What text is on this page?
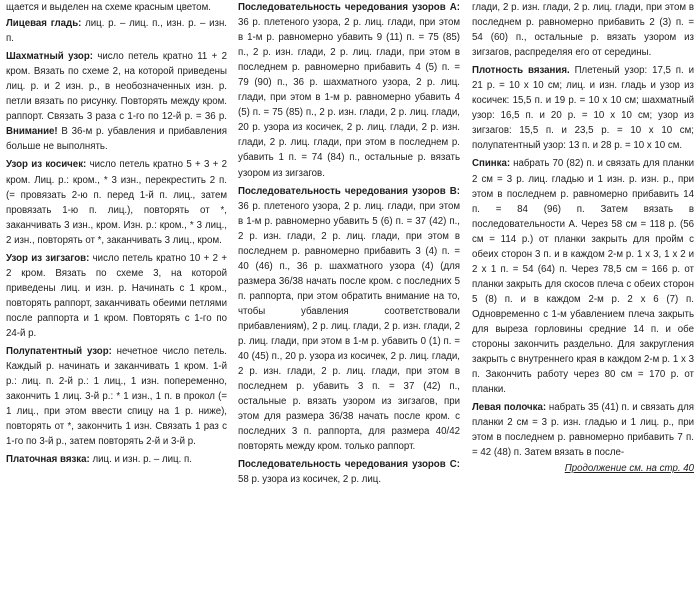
щается и выделен на схеме красным цветом.

Лицевая гладь: лиц. р. – лиц. п., изн. р. – изн. п.

Шахматный узор: число петель кратно 11 + 2 кром. Вязать по схеме 2, на которой приведены лиц. р. и 2 изн. р., в необозначенных изн. р. петли вязать по рисунку. Повторять между кром. раппорт. Связать 3 раза с 1-го по 12-й р. = 36 р. Внимание! В 36-м р. убавления и прибавления больше не выполнять.

Узор из косичек: число петель кратно 5 + 3 + 2 кром. Лиц. р.: кром., * 3 изн., перекрестить 2 п. (= провязать 2-ю п. перед 1-й п. лиц., затем провязать 1-ю п. лиц.), повторять от *, заканчивать 3 изн., кром. Изн. р.: кром., * 3 лиц., 2 изн., повторять от *, заканчивать 3 лиц., кром.

Узор из зигзагов: число петель кратно 10 + 2 + 2 кром. Вязать по схеме 3, на которой приведены лиц. и изн. р. Начинать с 1 кром., повторять раппорт, заканчивать обеими петлями после раппорта и 1 кром. Повторять с 1-го по 24-й р.

Полупатентный узор: нечетное число петель. Каждый р. начинать и заканчивать 1 кром. 1-й р.: лиц. п. 2-й р.: 1 лиц., 1 изн. попеременно, закончить 1 лиц. 3-й р.: * 1 изн., 1 п. в прокол (= 1 лиц., при этом ввести спицу на 1 р. ниже), повторять от *, закончить 1 изн. Связать 1 раз с 1-го по 3-й р., затем повторять 2-й и 3-й р.

Платочная вязка: лиц. и изн. р. – лиц. п.

Последовательность чередования узоров А: 36 р. плетеного узора, 2 р. лиц. глади, при этом в 1-м р. равномерно убавить 9 (11) п. = 75 (85) п., 2 р. изн. глади, 2 р. лиц. глади, при этом в последнем р. равномерно прибавить 4 (5) п. = 79 (90) п., 36 р. шахматного узора, 2 р. лиц. глади, при этом в 1-м р. равномерно убавить 4 (5) п. = 75 (85) п., 2 р. изн. глади, 2 р. лиц. глади, 20 р. узора из косичек, 2 р. лиц. глади, 2 р. изн. глади, 2 р. лиц. глади, при этом в последнем р. убавить 1 п. = 74 (84) п., остальные р. вязать узором из зигзагов.

Последовательность чередования узоров В: 36 р. плетеного узора, 2 р. лиц. глади, при этом в 1-м р. равномерно убавить 5 (6) п. = 37 (42) п., 2 р. изн. глади, 2 р. лиц. глади, при этом в последнем р. равномерно прибавить 3 (4) п. = 40 (46) п., 36 р. шахматного узора (4) (для размера 36/38 начать после кром. с последних 5 п. раппорта, при этом обратить внимание на то, чтобы убавления соответствовали прибавлениям), 2 р. лиц. глади, 2 р. изн. глади, 2 р. лиц. глади, при этом в 1-м р. убавить 0 (1) п. = 40 (45) п., 20 р. узора из косичек, 2 р. лиц. глади, 2 р. изн. глади, 2 р. лиц. глади, при этом в последнем р. убавить 3 п. = 37 (42) п., остальные р. вязать узором из зигзагов, при этом для размера 36/38 начать после кром. с последних 3 п. раппорта, для размера 40/42 повторять между кром. только раппорт.

Последовательность чередования узоров С: 58 р. узора из косичек, 2 р. лиц.

глади, 2 р. изн. глади, 2 р. лиц. глади, при этом в последнем р. равномерно прибавить 2 (3) п. = 54 (60) п., остальные р. вязать узором из зигзагов, распределяя его от середины.

Плотность вязания. Плетеный узор: 17,5 п. и 21 р. = 10 х 10 см; лиц. и изн. гладь и узор из косичек: 15,5 п. и 19 р. = 10 х 10 см; шахматный узор: 16,5 п. и 20 р. = 10 х 10 см; узор из зигзагов: 15,5 п. и 23,5 р. = 10 х 10 см; полупатентный узор: 13 п. и 28 р. = 10 х 10 см.

Спинка: набрать 70 (82) п. и связать для планки 2 см = 3 р. лиц. гладью и 1 изн. р. изн. р., при этом в последнем р. равномерно прибавить 14 п. = 84 (96) п. Затем вязать в последовательности А. Через 58 см = 118 р. (56 см = 114 р.) от планки закрыть для пройм с обеих сторон 3 п. и в каждом 2-м р. 1 х 3, 1 х 2 и 2 х 1 п. = 54 (64) п. Через 78,5 см = 166 р. от планки закрыть для скосов плеча с обеих сторон 5 (8) п. и в каждом 2-м р. 2 х 6 (7) п. Одновременно с 1-м убавлением плеча закрыть для выреза горловины средние 14 п. и обе стороны закончить раздельно. Для закругления закрыть с внутреннего края в каждом 2-м р. 1 х 3 п. Закончить работу через 80 см = 170 р. от планки.

Левая полочка: набрать 35 (41) п. и связать для планки 2 см = 3 р. изн. гладью и 1 лиц. р., при этом в последнем р. равномерно прибавить 7 п. = 42 (48) п. Затем вязать в после-

Продолжение см. на стр. 40
